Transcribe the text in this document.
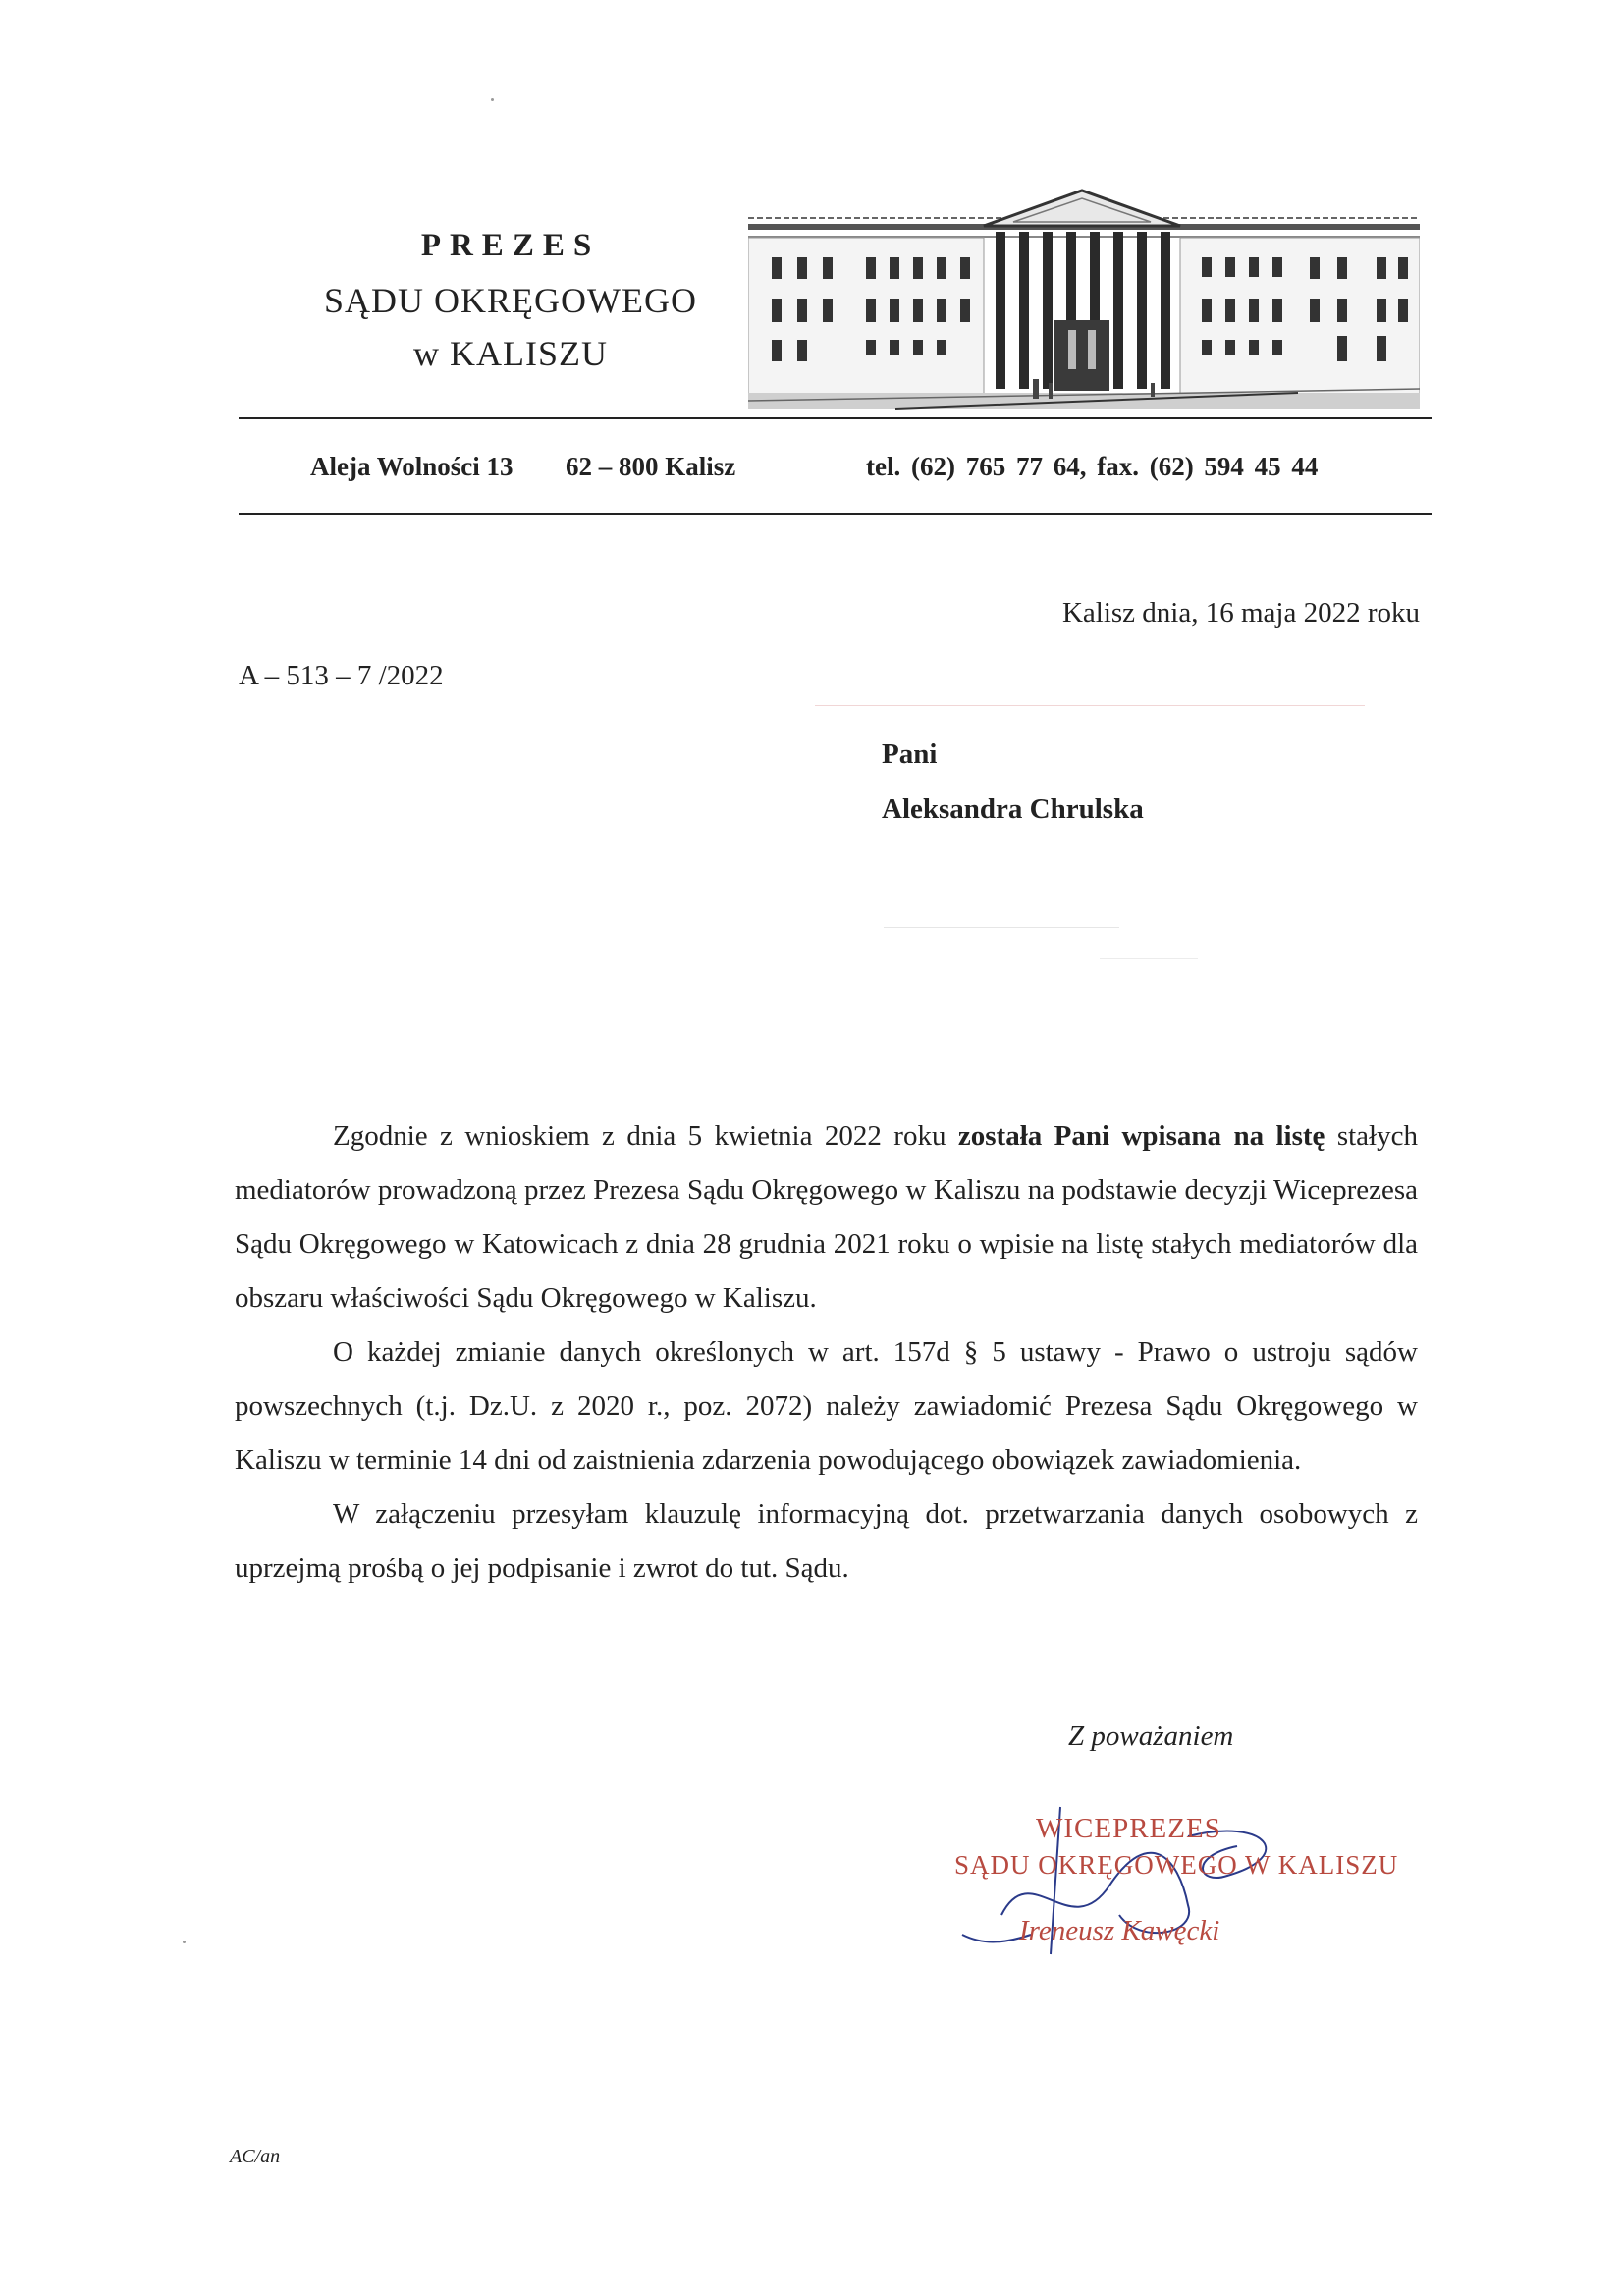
PREZES
SĄDU OKRĘGOWEGO
w KALISZU
Aleja Wolności 13 62 – 800 Kalisz	tel. (62) 765 77 64, fax. (62) 594 45 44
Kalisz dnia, 16 maja 2022 roku
A – 513 – 7 /2022
Pani
Aleksandra Chrulska

Zgodnie z wnioskiem z dnia 5 kwietnia 2022 roku została Pani wpisana na listę stałych mediatorów prowadzoną przez Prezesa Sądu Okręgowego w Kaliszu na podstawie decyzji Wiceprezesa Sądu Okręgowego w Katowicach z dnia 28 grudnia 2021 roku o wpisie na listę stałych mediatorów dla obszaru właściwości Sądu Okręgowego w Kaliszu.

O każdej zmianie danych określonych w art. 157d § 5 ustawy - Prawo o ustroju sądów powszechnych (t.j. Dz.U. z 2020 r., poz. 2072) należy zawiadomić Prezesa Sądu Okręgowego w Kaliszu w terminie 14 dni od zaistnienia zdarzenia powodującego obowiązek zawiadomienia.

W załączeniu przesyłam klauzulę informacyjną dot. przetwarzania danych osobowych z uprzejmą prośbą o jej podpisanie i zwrot do tut. Sądu.

Z poważaniem
WICEPREZES
SĄDU OKRĘGOWEGO W KALISZU
Ireneusz Kawęcki
AC/an
